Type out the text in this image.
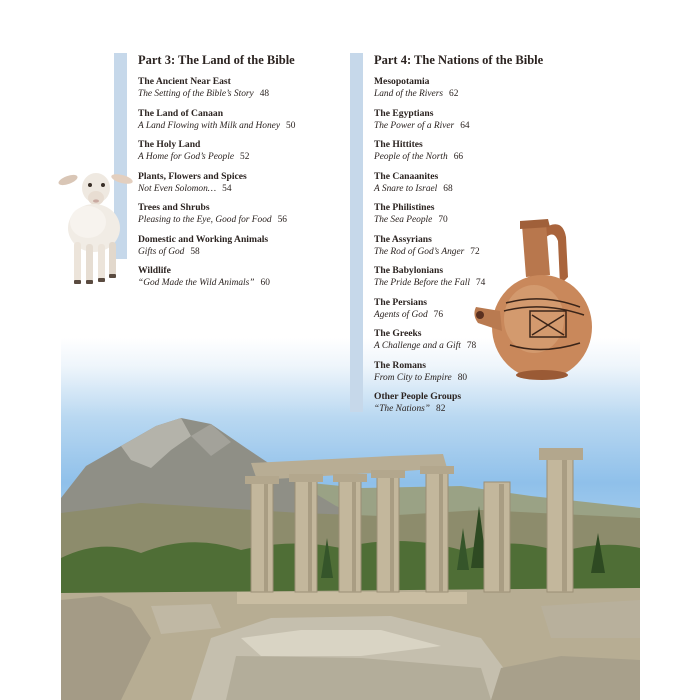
Part 3: The Land of the Bible
The Ancient Near East
The Setting of the Bible’s Story 48
The Land of Canaan
A Land Flowing with Milk and Honey 50
The Holy Land
A Home for God’s People 52
Plants, Flowers and Spices
Not Even Solomon… 54
Trees and Shrubs
Pleasing to the Eye, Good for Food 56
Domestic and Working Animals
Gifts of God 58
Wildlife
“God Made the Wild Animals” 60
Part 4: The Nations of the Bible
Mesopotamia
Land of the Rivers 62
The Egyptians
The Power of a River 64
The Hittites
People of the North 66
The Canaanites
A Snare to Israel 68
The Philistines
The Sea People 70
The Assyrians
The Rod of God’s Anger 72
The Babylonians
The Pride Before the Fall 74
The Persians
Agents of God 76
The Greeks
A Challenge and a Gift 78
The Romans
From City to Empire 80
Other People Groups
“The Nations” 82
